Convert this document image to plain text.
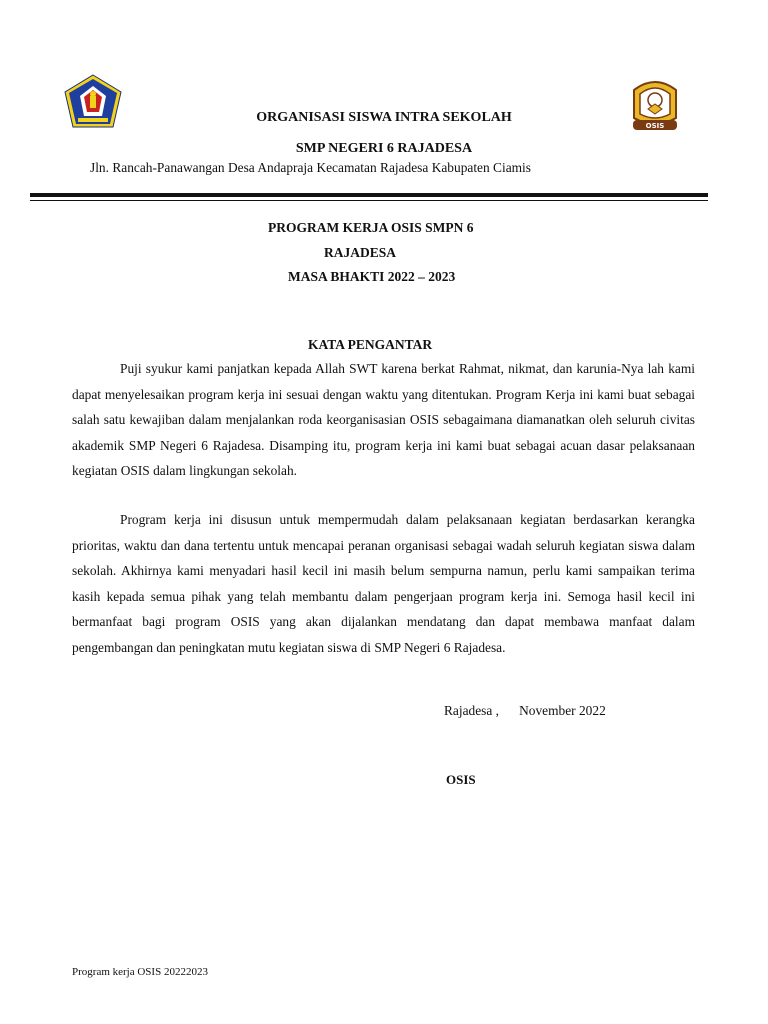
OSIS
ORGANISASI SISWA INTRA SEKOLAH
SMP NEGERI 6 RAJADESA
Jln. Rancah-Panawangan Desa Andapraja Kecamatan Rajadesa Kabupaten Ciamis
PROGRAM KERJA OSIS SMPN 6
RAJADESA
MASA BHAKTI 2022 – 2023
KATA PENGANTAR

Puji syukur kami panjatkan kepada Allah SWT karena berkat Rahmat, nikmat, dan karunia-Nya lah kami dapat menyelesaikan program kerja ini sesuai dengan waktu yang ditentukan. Program Kerja ini kami buat sebagai salah satu kewajiban dalam menjalankan roda keorganisasian OSIS sebagaimana diamanatkan oleh seluruh civitas akademik SMP Negeri 6 Rajadesa. Disamping itu, program kerja ini kami buat sebagai acuan dasar pelaksanaan kegiatan OSIS dalam lingkungan sekolah.

Program kerja ini disusun untuk mempermudah dalam pelaksanaan kegiatan berdasarkan kerangka prioritas, waktu dan dana tertentu untuk mencapai peranan organisasi sebagai wadah seluruh kegiatan siswa dalam sekolah. Akhirnya kami menyadari hasil kecil ini masih belum sempurna namun, perlu kami sampaikan terima kasih kepada semua pihak yang telah membantu dalam pengerjaan program kerja ini. Semoga hasil kecil ini bermanfaat bagi program OSIS yang akan dijalankan mendatang dan dapat membawa manfaat dalam pengembangan dan peningkatan mutu kegiatan siswa di SMP Negeri 6 Rajadesa.

Rajadesa ,      November 2022
OSIS
Program kerja OSIS 20222023
